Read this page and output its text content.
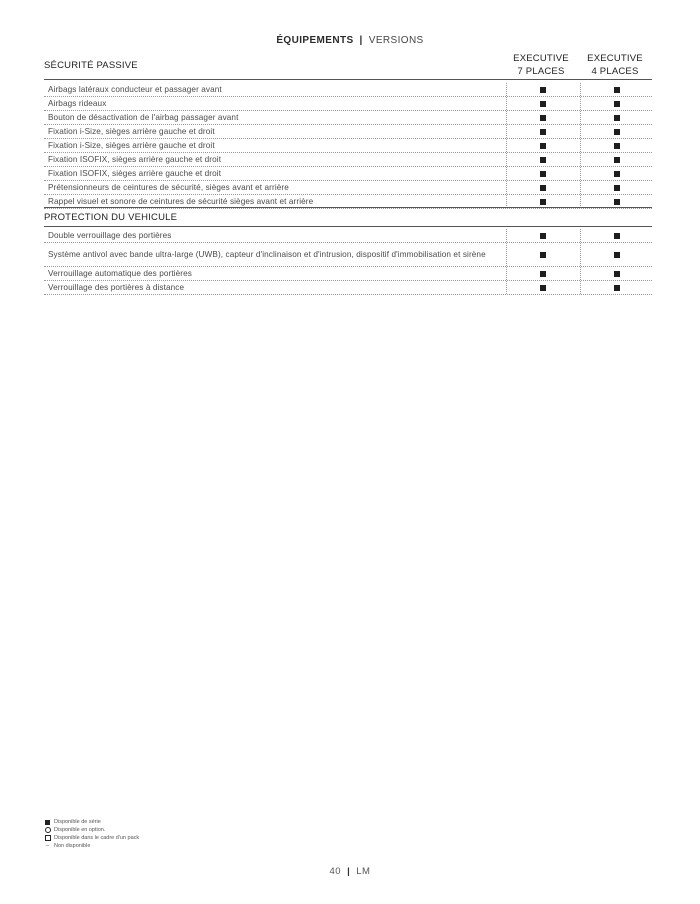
ÉQUIPEMENTS | VERSIONS
SÉCURITÉ PASSIVE
EXECUTIVE
7 PLACES
EXECUTIVE
4 PLACES
Airbags latéraux conducteur et passager avant
Airbags rideaux
Bouton de désactivation de l'airbag passager avant
Fixation i-Size, sièges arrière gauche et droit
Fixation i-Size, sièges arrière gauche et droit
Fixation ISOFIX, sièges arrière gauche et droit
Fixation ISOFIX, sièges arrière gauche et droit
Prétensionneurs de ceintures de sécurité, sièges avant et arrière
Rappel visuel et sonore de ceintures de sécurité sièges avant et arrière
PROTECTION DU VEHICULE
Double verrouillage des portières
Système antivol avec bande ultra-large (UWB), capteur d'inclinaison et d'intrusion, dispositif d'immobilisation et sirène
Verrouillage automatique des portières
Verrouillage des portières à distance
Disponible de série
Disponible en option.
Disponible dans le cadre d'un pack
– Non disponible
40 | LM
